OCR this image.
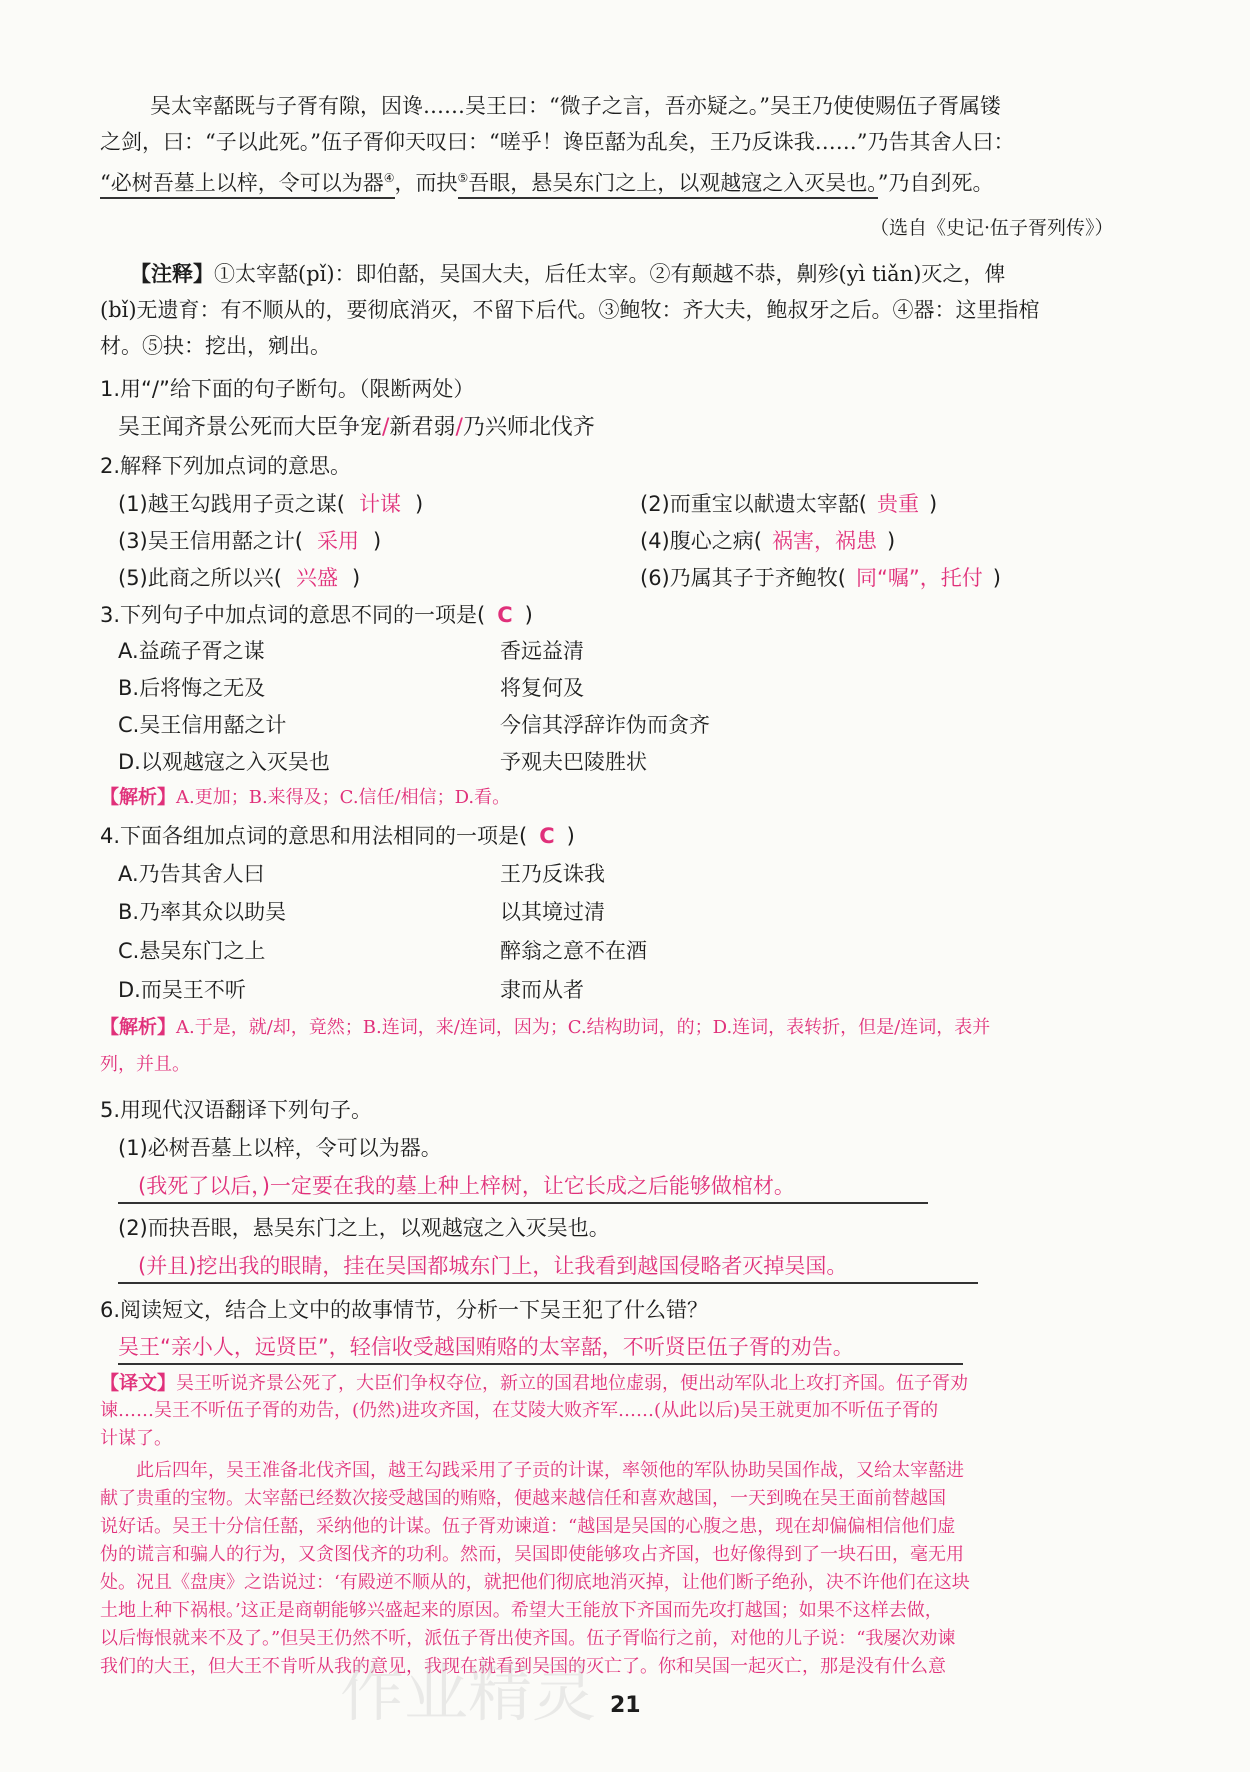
吴太宰嚭既与子胥有隙，因谗……吴王曰：“微子之言，吾亦疑之。”吴王乃使使赐伍子胥属镂
之剑，曰：“子以此死。”伍子胥仰天叹曰：“嗟乎！谗臣嚭为乱矣，王乃反诛我……”乃告其舍人曰：
“必树吾墓上以梓，令可以为器④，而抉⑤吾眼，悬吴东门之上，以观越寇之入灭吴也。”乃自刭死。
（选自《史记·伍子胥列传》）
【注释】①太宰嚭(pǐ)：即伯嚭，吴国大夫，后任太宰。②有颠越不恭，劓殄(yì tiǎn)灭之，俾
(bǐ)无遗育：有不顺从的，要彻底消灭，不留下后代。③鲍牧：齐大夫，鲍叔牙之后。④器：这里指棺
材。⑤抉：挖出，剜出。
1.用“/”给下面的句子断句。（限断两处）
吴王闻齐景公死而大臣争宠/新君弱/乃兴师北伐齐
2.解释下列加点词的意思。
(1)越王勾践用子贡之谋( 计谋 )	(2)而重宝以献遗太宰嚭( 贵重 )
(3)吴王信用嚭之计( 采用 )	(4)腹心之病( 祸害，祸患 )
(5)此商之所以兴( 兴盛 )	(6)乃属其子于齐鲍牧( 同“嘱”，托付 )
3.下列句子中加点词的意思不同的一项是( C )
A.益疏子胥之谋	香远益清
B.后将悔之无及	将复何及
C.吴王信用嚭之计	今信其浮辞诈伪而贪齐
D.以观越寇之入灭吴也	予观夫巴陵胜状
【解析】A.更加；B.来得及；C.信任/相信；D.看。
4.下面各组加点词的意思和用法相同的一项是( C )
A.乃告其舍人曰	王乃反诛我
B.乃率其众以助吴	以其境过清
C.悬吴东门之上	醉翁之意不在酒
D.而吴王不听	隶而从者
【解析】A.于是，就/却，竟然；B.连词，来/连词，因为；C.结构助词，的；D.连词，表转折，但是/连词，表并
列，并且。
5.用现代汉语翻译下列句子。
(1)必树吾墓上以梓，令可以为器。
(我死了以后，)一定要在我的墓上种上梓树，让它长成之后能够做棺材。
(2)而抉吾眼，悬吴东门之上，以观越寇之入灭吴也。
(并且)挖出我的眼睛，挂在吴国都城东门上，让我看到越国侵略者灭掉吴国。
6.阅读短文，结合上文中的故事情节，分析一下吴王犯了什么错？
吴王“亲小人，远贤臣”，轻信收受越国贿赂的太宰嚭，不听贤臣伍子胥的劝告。
【译文】吴王听说齐景公死了，大臣们争权夺位，新立的国君地位虚弱，便出动军队北上攻打齐国。伍子胥劝
谏……吴王不听伍子胥的劝告，(仍然)进攻齐国，在艾陵大败齐军……(从此以后)吴王就更加不听伍子胥的
计谋了。
此后四年，吴王准备北伐齐国，越王勾践采用了子贡的计谋，率领他的军队协助吴国作战，又给太宰嚭进
献了贵重的宝物。太宰嚭已经数次接受越国的贿赂，便越来越信任和喜欢越国，一天到晚在吴王面前替越国
说好话。吴王十分信任嚭，采纳他的计谋。伍子胥劝谏道：“越国是吴国的心腹之患，现在却偏偏相信他们虚
伪的谎言和骗人的行为，又贪图伐齐的功利。然而，吴国即使能够攻占齐国，也好像得到了一块石田，毫无用
处。况且《盘庚》之诰说过：‘有殿逆不顺从的，就把他们彻底地消灭掉，让他们断子绝孙，决不许他们在这块
土地上种下祸根。’这正是商朝能够兴盛起来的原因。希望大王能放下齐国而先攻打越国；如果不这样去做，
以后悔恨就来不及了。”但吴王仍然不听，派伍子胥出使齐国。伍子胥临行之前，对他的儿子说：“我屡次劝谏
我们的大王，但大王不肯听从我的意见，我现在就看到吴国的灭亡了。你和吴国一起灭亡，那是没有什么意
作业精灵 21
